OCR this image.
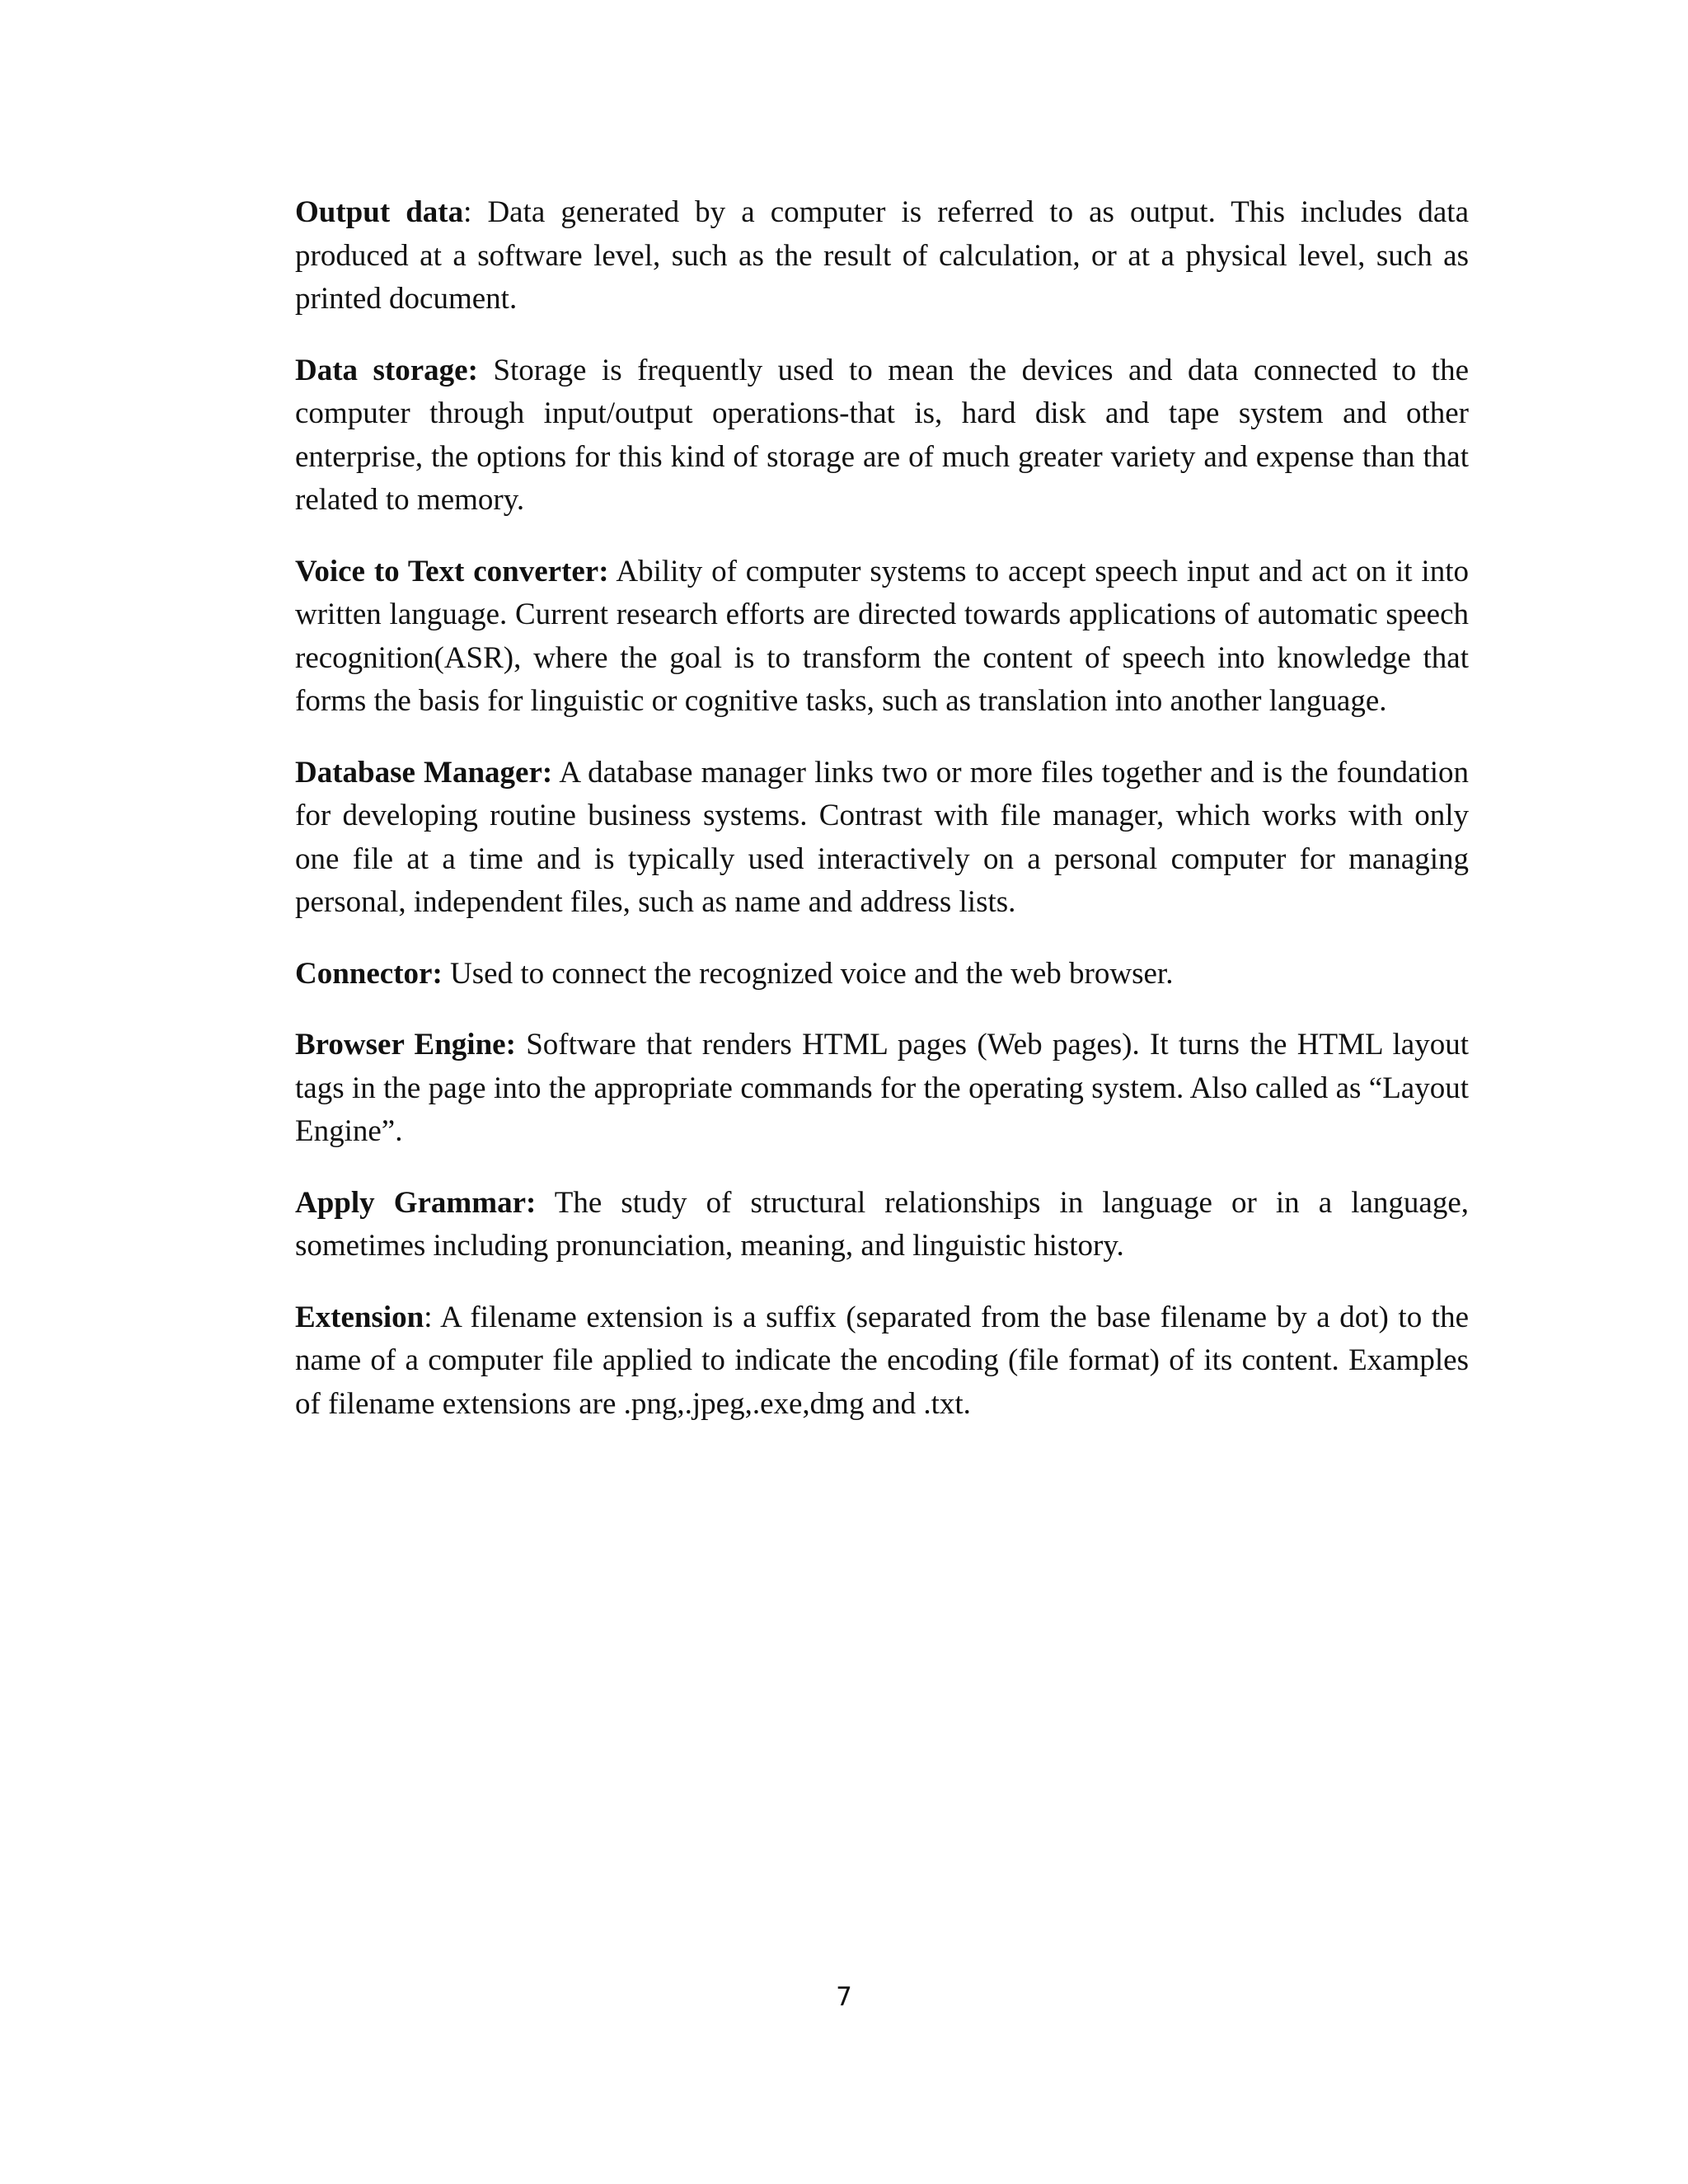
Output data: Data generated by a computer is referred to as output. This includes data produced at a software level, such as the result of calculation, or at a physical level, such as printed document.

Data storage: Storage is frequently used to mean the devices and data connected to the computer through input/output operations-that is, hard disk and tape system and other enterprise, the options for this kind of storage are of much greater variety and expense than that related to memory.

Voice to Text converter: Ability of computer systems to accept speech input and act on it into written language. Current research efforts are directed towards applications of automatic speech recognition(ASR), where the goal is to transform the content of speech into knowledge that forms the basis for linguistic or cognitive tasks, such as translation into another language.

Database Manager: A database manager links two or more files together and is the foundation for developing routine business systems. Contrast with file manager, which works with only one file at a time and is typically used interactively on a personal computer for managing personal, independent files, such as name and address lists.

Connector: Used to connect the recognized voice and the web browser.

Browser Engine: Software that renders HTML pages (Web pages). It turns the HTML layout tags in the page into the appropriate commands for the operating system. Also called as “Layout Engine”.

Apply Grammar: The study of structural relationships in language or in a language, sometimes including pronunciation, meaning, and linguistic history.

Extension: A filename extension is a suffix (separated from the base filename by a dot) to the name of a computer file applied to indicate the encoding (file format) of its content. Examples of filename extensions are .png,.jpeg,.exe,dmg and .txt.

7
